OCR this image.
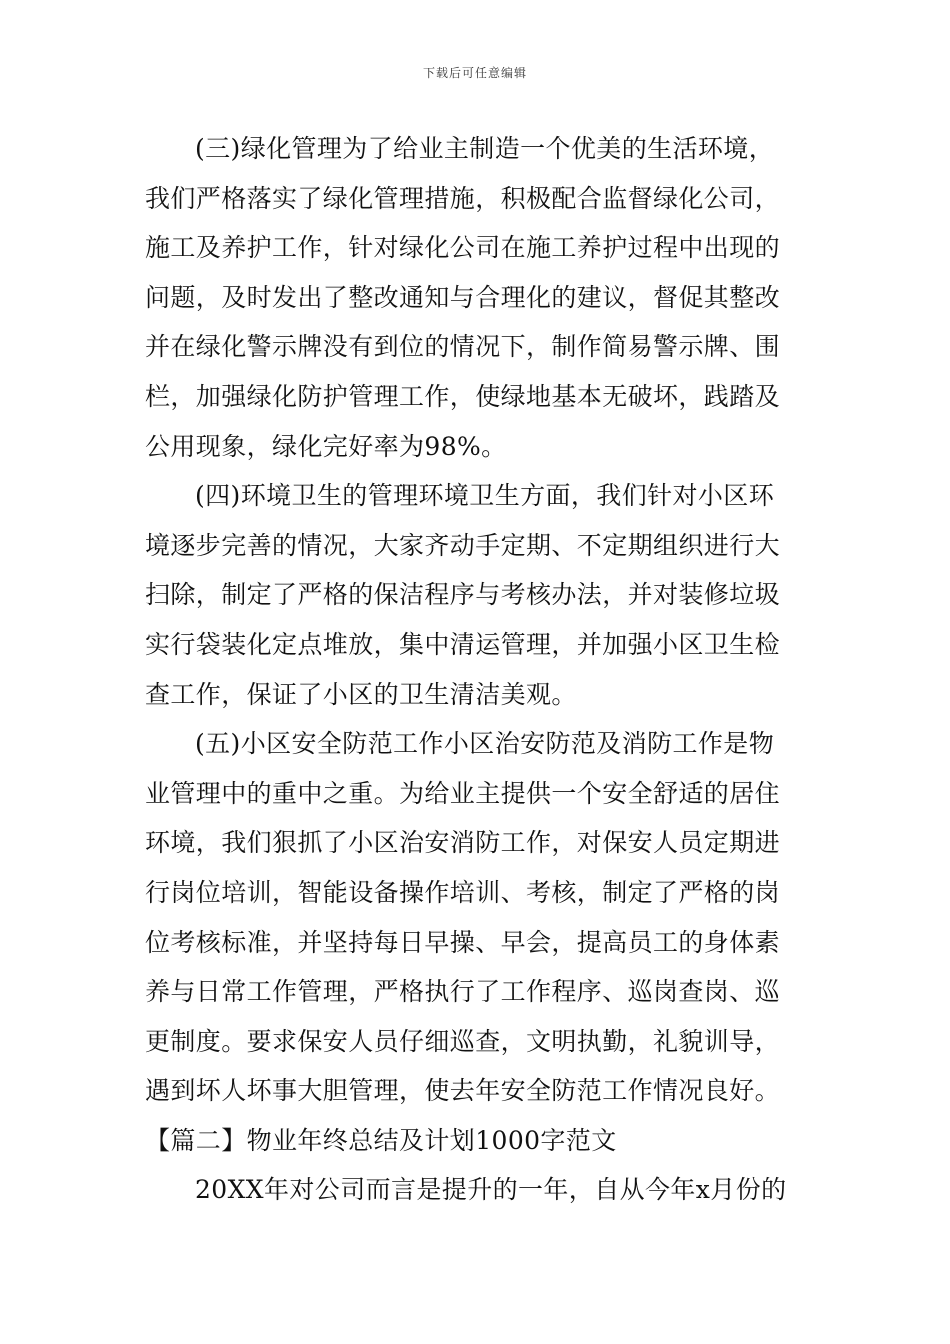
下载后可任意编辑
(三)绿化管理为了给业主制造一个优美的生活环境，
我们严格落实了绿化管理措施，积极配合监督绿化公司，
施工及养护工作，针对绿化公司在施工养护过程中出现的
问题，及时发出了整改通知与合理化的建议，督促其整改
并在绿化警示牌没有到位的情况下，制作简易警示牌、围
栏，加强绿化防护管理工作，使绿地基本无破坏，践踏及
公用现象，绿化完好率为98%。
(四)环境卫生的管理环境卫生方面，我们针对小区环
境逐步完善的情况，大家齐动手定期、不定期组织进行大
扫除，制定了严格的保洁程序与考核办法，并对装修垃圾
实行袋装化定点堆放，集中清运管理，并加强小区卫生检
查工作，保证了小区的卫生清洁美观。
(五)小区安全防范工作小区治安防范及消防工作是物
业管理中的重中之重。为给业主提供一个安全舒适的居住
环境，我们狠抓了小区治安消防工作，对保安人员定期进
行岗位培训，智能设备操作培训、考核，制定了严格的岗
位考核标准，并坚持每日早操、早会，提高员工的身体素
养与日常工作管理，严格执行了工作程序、巡岗查岗、巡
更制度。要求保安人员仔细巡查，文明执勤，礼貌训导，
遇到坏人坏事大胆管理，使去年安全防范工作情况良好。
【篇二】物业年终总结及计划1000字范文
20XX年对公司而言是提升的一年，自从今年x月份的
